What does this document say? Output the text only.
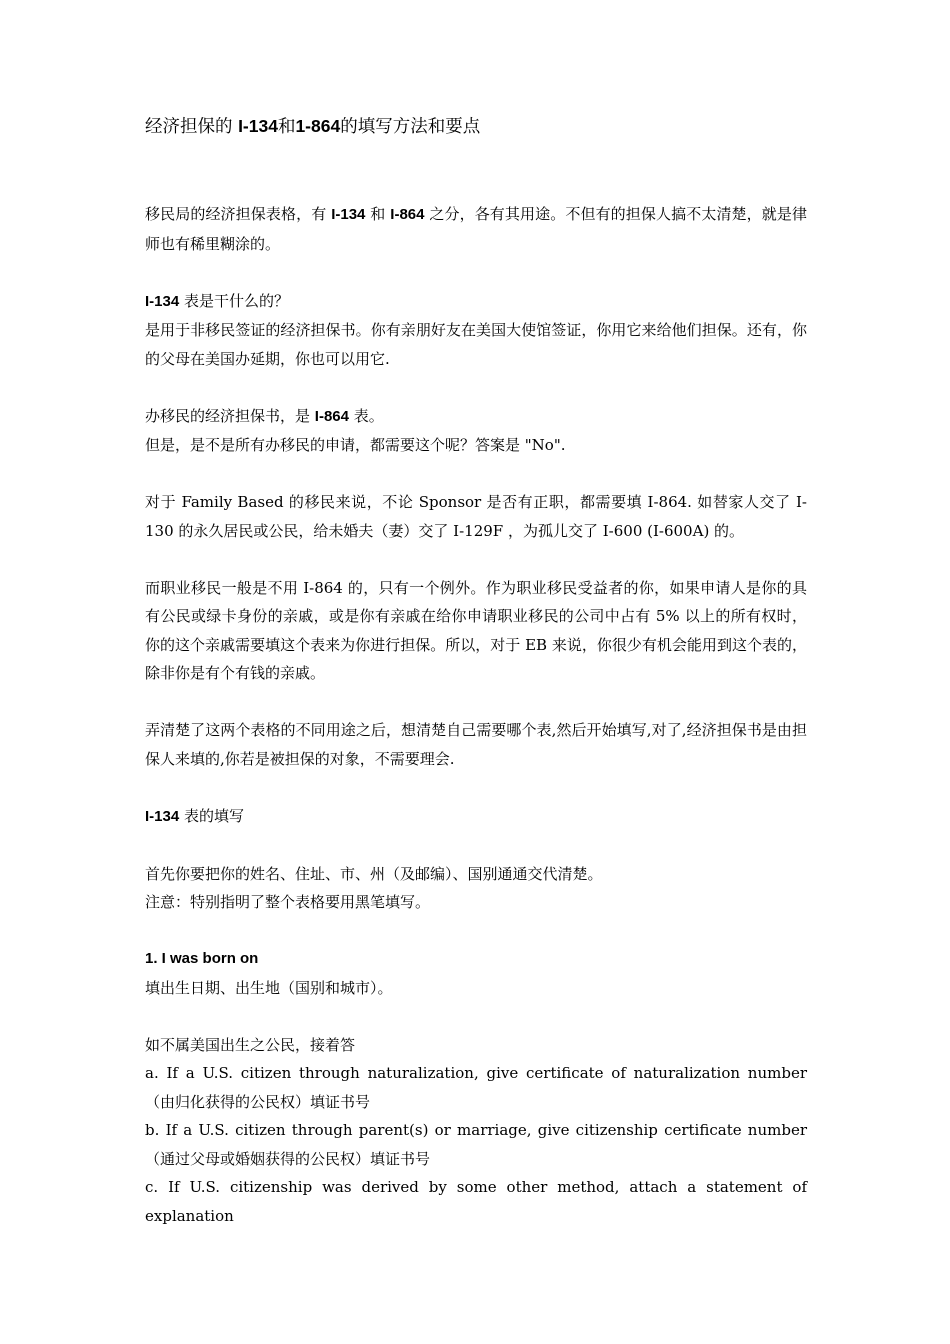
经济担保的 I-134和1-864的填写方法和要点

移民局的经济担保表格，有 I-134 和 I-864 之分，各有其用途。不但有的担保人搞不太清楚，就是律师也有稀里糊涂的。

I-134 表是干什么的？

是用于非移民签证的经济担保书。你有亲朋好友在美国大使馆签证，你用它来给他们担保。还有，你的父母在美国办延期，你也可以用它.

办移民的经济担保书，是 I-864 表。

但是，是不是所有办移民的申请，都需要这个呢？答案是 "No".

对于 Family Based 的移民来说，不论 Sponsor 是否有正职，都需要填 I-864. 如替家人交了 I-130 的永久居民或公民，给未婚夫（妻）交了 I-129F ，为孤儿交了 I-600 (I-600A) 的。

而职业移民一般是不用 I-864 的，只有一个例外。作为职业移民受益者的你，如果申请人是你的具有公民或绿卡身份的亲戚，或是你有亲戚在给你申请职业移民的公司中占有 5% 以上的所有权时，你的这个亲戚需要填这个表来为你进行担保。所以，对于 EB 来说，你很少有机会能用到这个表的，除非你是有个有钱的亲戚。

弄清楚了这两个表格的不同用途之后，想清楚自己需要哪个表,然后开始填写,对了,经济担保书是由担保人来填的,你若是被担保的对象，不需要理会.

I-134 表的填写

首先你要把你的姓名、住址、市、州（及邮编）、国别通通交代清楚。

注意：特别指明了整个表格要用黑笔填写。

1. I was born on

填出生日期、出生地（国别和城市）。

如不属美国出生之公民，接着答

a. If a U.S. citizen through naturalization, give certificate of naturalization number （由归化获得的公民权）填证书号

b. If a U.S. citizen through parent(s) or marriage, give citizenship certificate number （通过父母或婚姻获得的公民权）填证书号

c. If U.S. citizenship was derived by some other method, attach a statement of explanation
